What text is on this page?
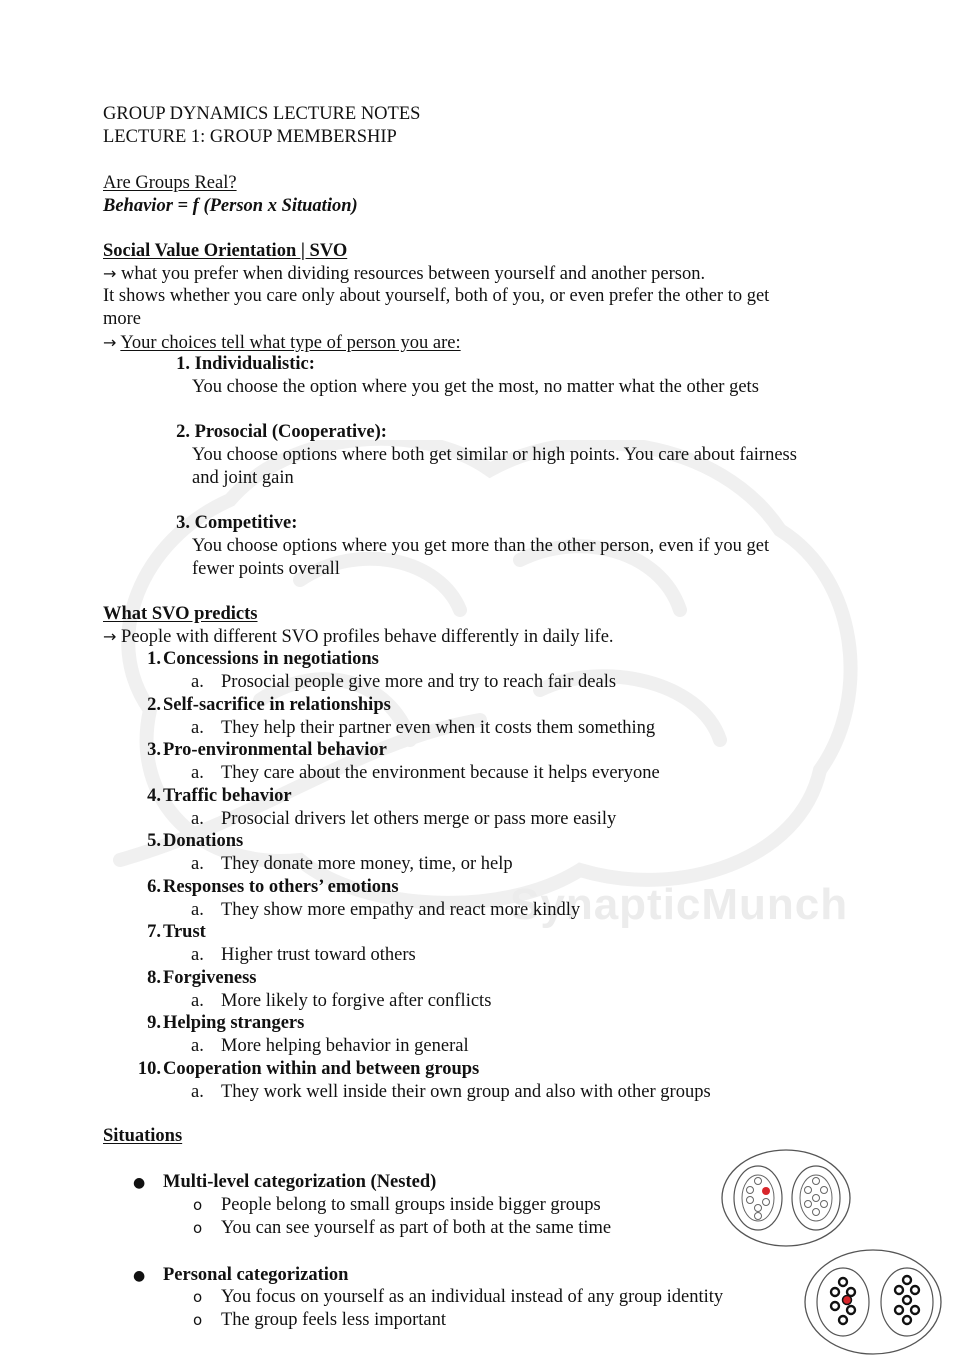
SynapticMunch
GROUP DYNAMICS LECTURE NOTES
LECTURE 1: GROUP MEMBERSHIP
Are Groups Real?
Behavior = f (Person x Situation)
Social Value Orientation | SVO
→ what you prefer when dividing resources between yourself and another person.
It shows whether you care only about yourself, both of you, or even prefer the other to get
more
→ Your choices tell what type of person you are:
1. Individualistic:
You choose the option where you get the most, no matter what the other gets
2. Prosocial (Cooperative):
You choose options where both get similar or high points. You care about fairness
and joint gain
3. Competitive:
You choose options where you get more than the other person, even if you get
fewer points overall
What SVO predicts
→ People with different SVO profiles behave differently in daily life.
1. Concessions in negotiations
a. Prosocial people give more and try to reach fair deals
2. Self-sacrifice in relationships
a. They help their partner even when it costs them something
3. Pro-environmental behavior
a. They care about the environment because it helps everyone
4. Traffic behavior
a. Prosocial drivers let others merge or pass more easily
5. Donations
a. They donate more money, time, or help
6. Responses to others’ emotions
a. They show more empathy and react more kindly
7. Trust
a. Higher trust toward others
8. Forgiveness
a. More likely to forgive after conflicts
9. Helping strangers
a. More helping behavior in general
10. Cooperation within and between groups
a. They work well inside their own group and also with other groups
Situations
● Multi-level categorization (Nested)
o People belong to small groups inside bigger groups
o You can see yourself as part of both at the same time
● Personal categorization
o You focus on yourself as an individual instead of any group identity
o The group feels less important
